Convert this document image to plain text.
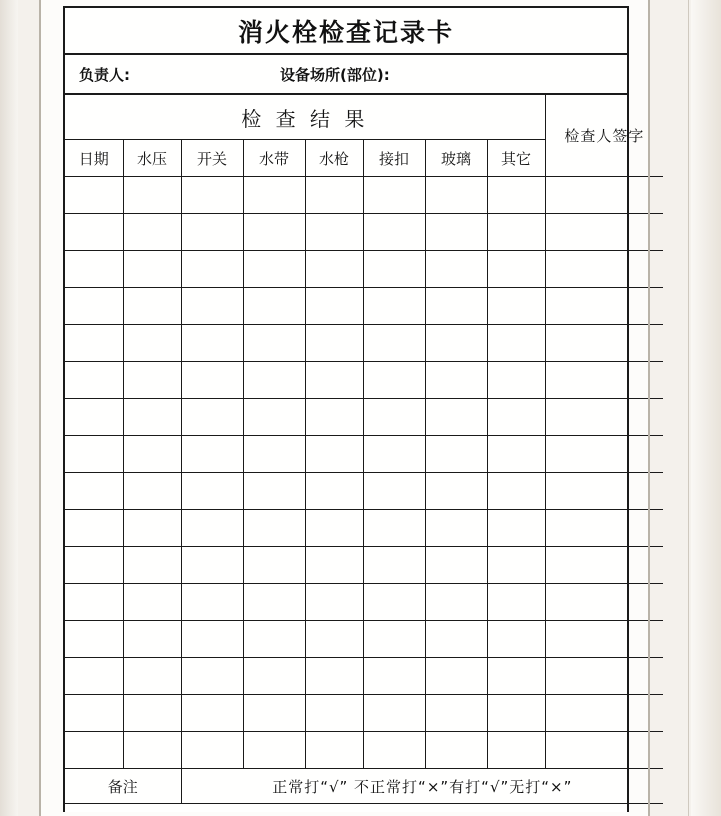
消火栓检查记录卡
负责人:	设备场所(部位):
检 查 结 果								检查人签字
日期	水压	开关	水带	水枪	接扣	玻璃	其它	

备注		正常打“√” 不正常打“×”有打“√”无打“×”						
